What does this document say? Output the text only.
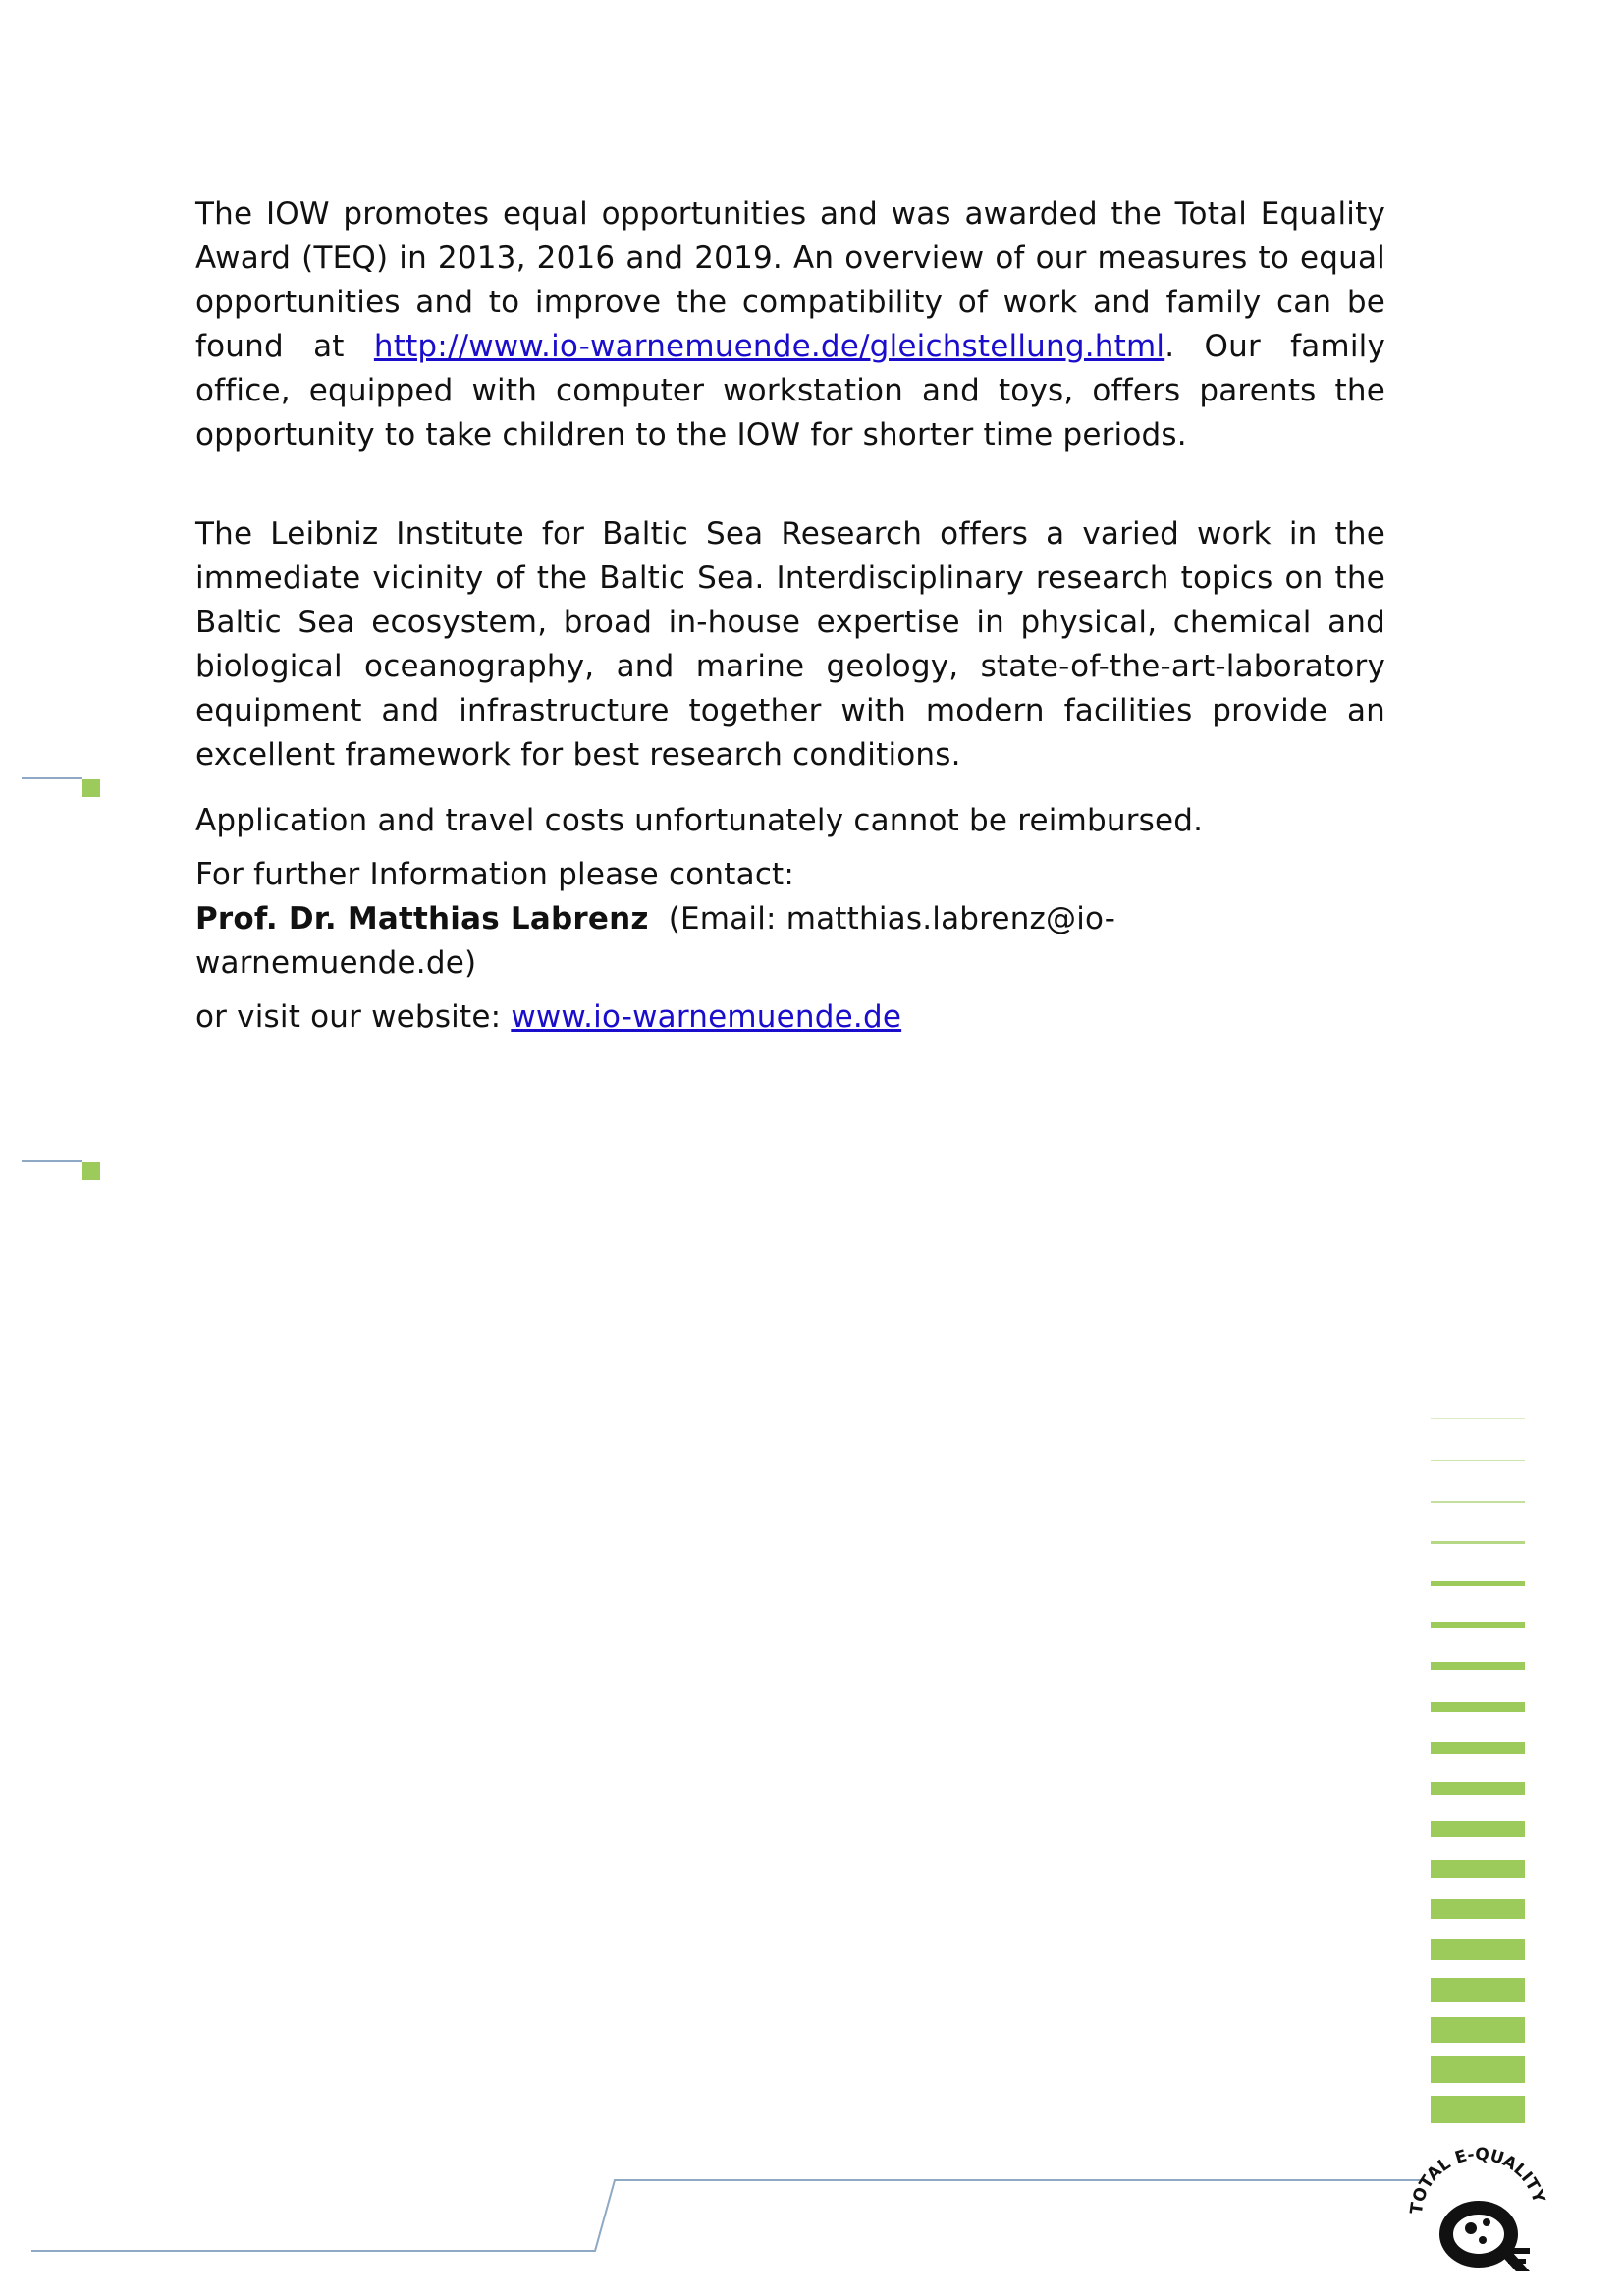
The IOW promotes equal opportunities and was awarded the Total Equality Award (TEQ) in 2013, 2016 and 2019. An overview of our measures to equal opportunities and to improve the compatibility of work and family can be found at http://www.io-warnemuende.de/gleichstellung.html. Our family office, equipped with computer workstation and toys, offers parents the opportunity to take children to the IOW for shorter time periods.

The Leibniz Institute for Baltic Sea Research offers a varied work in the immediate vicinity of the Baltic Sea. Interdisciplinary research topics on the Baltic Sea ecosystem, broad in-house expertise in physical, chemical and biological oceanography, and marine geology, state-of-the-art-laboratory equipment and infrastructure together with modern facilities provide an excellent framework for best research conditions.

Application and travel costs unfortunately cannot be reimbursed.

For further Information please contact:

Prof. Dr. Matthias Labrenz (Email: matthias.labrenz@io-warnemuende.de)

or visit our website: www.io-warnemuende.de

TOTAL E-QUALITY
